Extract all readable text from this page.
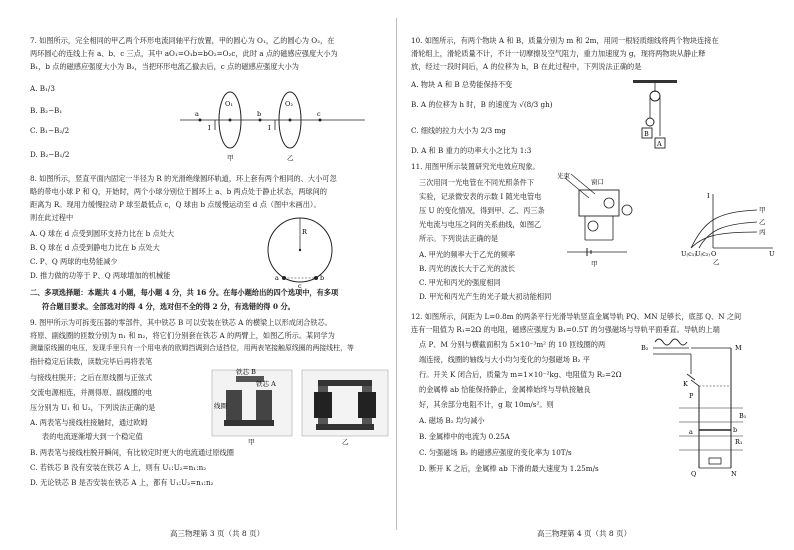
7. 如图所示，完全相同的甲乙两个环形电流同轴平行放置，甲的圆心为 O₁，乙的圆心为 O₂，在
两环圆心的连线上有 a、b、c 三点，其中 aO₁=O₁b=bO₂=O₂c，此时 a 点的磁感应强度大小为
B₁，b 点的磁感应强度大小为 B₂，当把环形电流乙撤去后，c 点的磁感应强度大小为
A. B₁/3
B. B₂−B₁
C. B₁−B₂/2
D. B₂−B₁/2
a
O₁
b
O₂
c
I	I
甲	乙
8. 如图所示，竖直平面内固定一半径为 R 的光滑绝缘圆环轨道，环上套有两个相同的、大小可忽
略的带电小球 P 和 Q，开始时，两个小球分别位于圆环上 a、b 两点处于静止状态，两球间的
距离为 R。现用力缓慢拉动 P 球至最低点 c，Q 球由 b 点缓慢运动至 d 点（图中未画出）。
则在此过程中
A. Q 球在 d 点受到圆环支持力比在 b 点处大
B. Q 球在 d 点受到静电力比在 b 点处大
C. P、Q 两球的电势能减少
D. 推力做的功等于 P、Q 两球增加的机械能
R
a	b
c
二、多项选择题：本题共 4 小题，每小题 4 分，共 16 分。在每小题给出的四个选项中，有多项
符合题目要求。全部选对的得 4 分，选对但不全的得 2 分，有选错的得 0 分。
9. 图甲所示为可拆变压器的零部件，其中铁芯 B 可以安装在铁芯 A 的横梁上以形成闭合铁芯。
将原、副线圈的匝数分别为 n₁ 和 n₂，将它们分别套在铁芯 A 的两臂上，如图乙所示。某同学为
测量原线圈的电压，发现手里只有一个用电表的欧姆挡调到合适挡位，用两表笔接触原线圈的两接线柱，等
指针稳定后读数，读数完毕后再将表笔
与接线柱脱开；之后在原线圈与正弦式
交流电源相连，并测得原、副线圈的电
压分别为 U₁ 和 U₂，下列说法正确的是
A. 两表笔与接线柱接触时，通过欧姆
表的电流逐渐增大到一个稳定值
B. 两表笔与接线柱脱开瞬间，有比较定时更大的电流通过原线圈
C. 若铁芯 B 没有安装在铁芯 A 上，则有 U₁:U₂=n₁:n₂
D. 无论铁芯 B 是否安装在铁芯 A 上，都有 U₁:U₂=n₁:n₂
铁芯 B
铁芯 A
线圈
甲	乙
高三物理第 3 页（共 8 页）
10. 如图所示，有两个物块 A 和 B，质量分别为 m 和 2m，用同一根轻质细线将两个物块连接在
滑轮组上，滑轮质量不计，不计一切摩擦及空气阻力，重力加速度为 g，现将两物块从静止释
放，经过一段时间后，A 的位移为 h，B 在此过程中，下列说法正确的是
A. 物块 A 和 B 总势能保持不变
B. A 的位移为 h 时，B 的速度为 √(8/3 gh)
C. 细线的拉力大小为 2/3 mg
D. A 和 B 重力的功率大小之比为 1:3
B
A
11. 用图甲所示装置研究光电效应现象。
三次用同一光电管在不同光照条件下
实验，记录微安表的示数 I 随光电管电
压 U 的变化情况，得到甲、乙、丙三条
光电流与电压之间的关系曲线，如图乙
所示。下列说法正确的是
A. 甲光的频率大于乙光的频率
B. 丙光的波长大于乙光的波长
C. 甲光和丙光的强度相同
D. 甲光和丙光产生的光子最大初动能相同
光束
窗口
甲
甲
乙
丙
I
U
U₍c₁₎ U₍c₂₎ O
乙
12. 如图所示，间距为 L=0.8m 的两条平行光滑导轨竖直金属导轨 PQ、MN 足够长，底部 Q、N 之间
连有一阻值为 R₁=2Ω 的电阻，磁感应强度为 B₁=0.5T 的匀强磁场与导轨平面垂直。导轨的上端
点 P、M 分别与横截面积为 5×10⁻³m² 的 10 匝线圈的两
端连接，线圈的轴线与大小均匀变化的匀强磁场 B₂ 平
行。开关 K 闭合后，质量为 m=1×10⁻²kg、电阻值为 R₂=2Ω
的金属棒 ab 恰能保持静止，金属棒始终与导轨接触良
好，其余部分电阻不计，g 取 10m/s²。则
A. 磁场 B₂ 均匀减小
B. 金属棒中的电流为 0.25A
C. 匀强磁场 B₂ 的磁感应强度的变化率为 10T/s
D. 断开 K 之后，金属棒 ab 下滑的最大速度为 1.25m/s
B₂
K
M
P
B₁
R₁
a	b
Q	N
高三物理第 4 页（共 8 页）
